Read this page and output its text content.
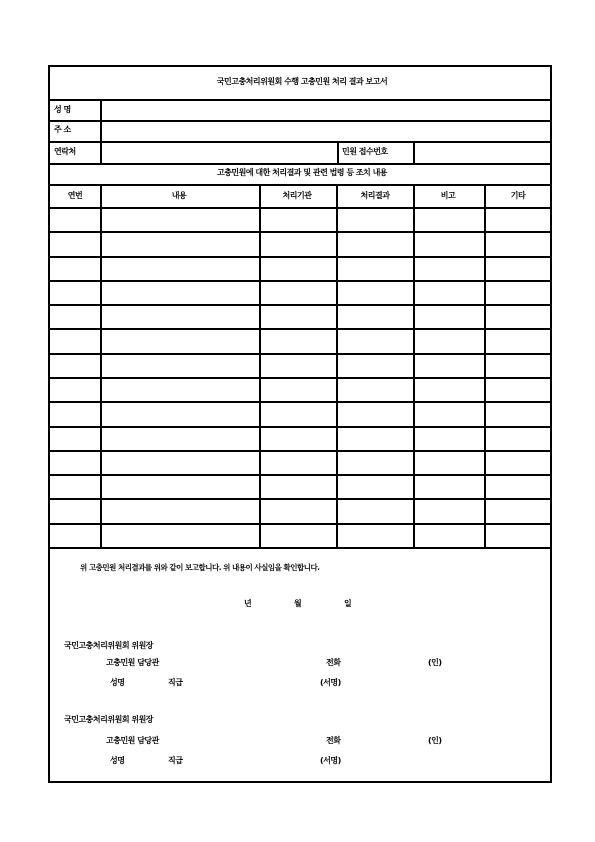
국민고충처리위원회 수행 고충민원 처리 결과 보고서
성 명
주 소
연락처	민원 접수번호
고충민원에 대한 처리결과 및 관련 법령 등 조치 내용
연번	내용	처리기관	처리결과	비고	기타
위 고충민원 처리결과를 위와 같이 보고합니다. 위 내용이 사실임을 확인합니다.
년	월	일
국민고충처리위원회 위원장
고충민원 담당관	전화	(인)
성명	직급	(서명)
국민고충처리위원회 위원장
고충민원 담당관	전화	(인)
성명	직급	(서명)
